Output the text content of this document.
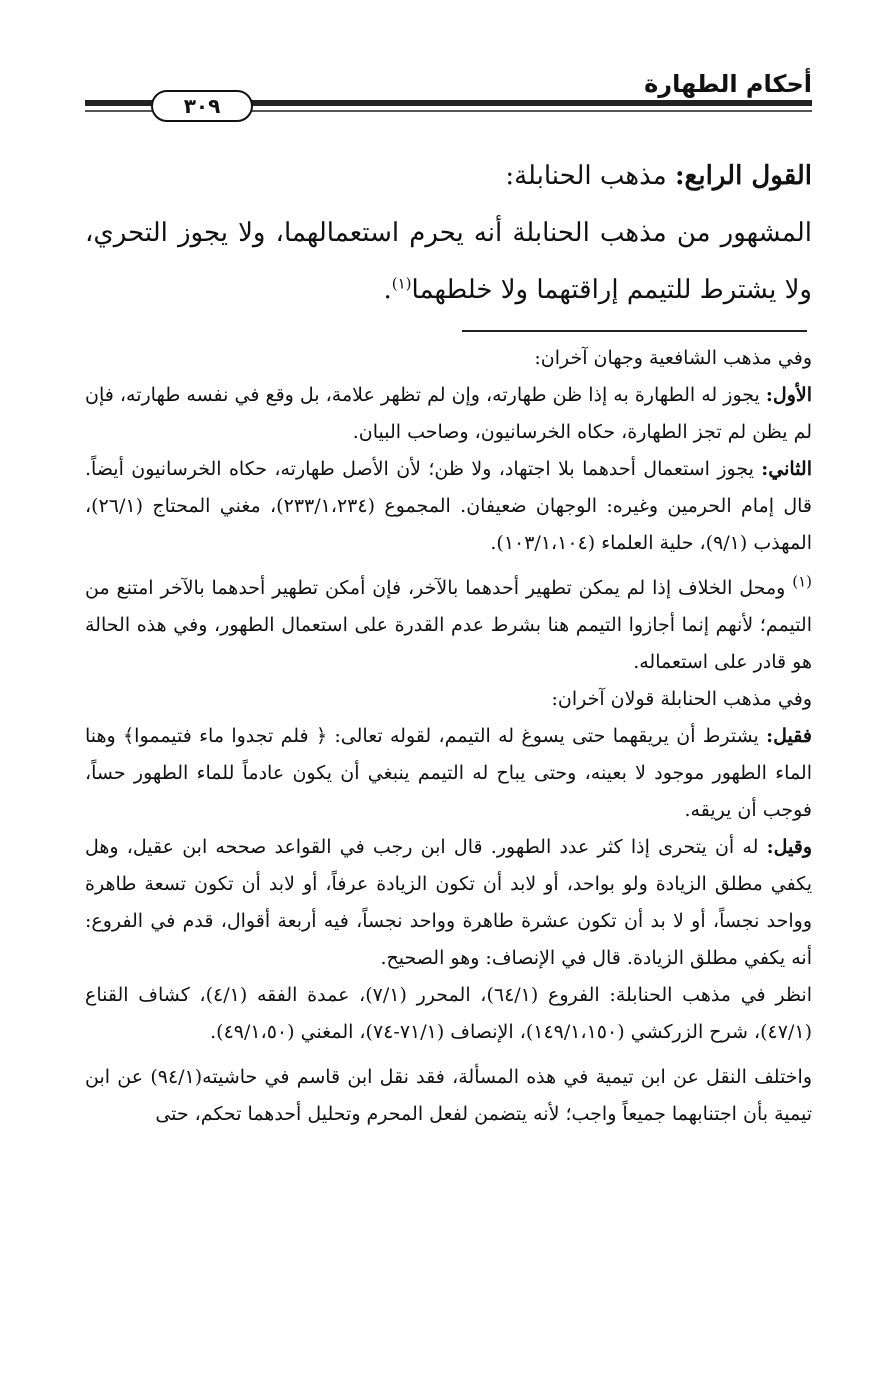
أحكام الطهارة
٣٠٩

القول الرابع: مذهب الحنابلة:

المشهور من مذهب الحنابلة أنه يحرم استعمالهما، ولا يجوز التحري، ولا يشترط للتيمم إراقتهما ولا خلطهما$^{(١)}$.

وفي مذهب الشافعية وجهان آخران:

الأول: يجوز له الطهارة به إذا ظن طهارته، وإن لم تظهر علامة، بل وقع في نفسه طهارته، فإن لم يظن لم تجز الطهارة، حكاه الخرسانيون، وصاحب البيان.

الثاني: يجوز استعمال أحدهما بلا اجتهاد، ولا ظن؛ لأن الأصل طهارته، حكاه الخرسانيون أيضاً. قال إمام الحرمين وغيره: الوجهان ضعيفان. المجموع (٢٣٣/١،٢٣٤)، مغني المحتاج (٢٦/١)، المهذب (٩/١)، حلية العلماء (١٠٣/١،١٠٤).

$^{(١)}$ ومحل الخلاف إذا لم يمكن تطهير أحدهما بالآخر، فإن أمكن تطهير أحدهما بالآخر امتنع من التيمم؛ لأنهم إنما أجازوا التيمم هنا بشرط عدم القدرة على استعمال الطهور، وفي هذه الحالة هو قادر على استعماله.

وفي مذهب الحنابلة قولان آخران:

فقيل: يشترط أن يريقهما حتى يسوغ له التيمم، لقوله تعالى: ﴿ فلم تجدوا ماء فتيمموا﴾ وهنا الماء الطهور موجود لا بعينه، وحتى يباح له التيمم ينبغي أن يكون عادماً للماء الطهور حساً، فوجب أن يريقه.

وقيل: له أن يتحرى إذا كثر عدد الطهور. قال ابن رجب في القواعد صححه ابن عقيل، وهل يكفي مطلق الزيادة ولو بواحد، أو لابد أن تكون الزيادة عرفاً، أو لابد أن تكون تسعة طاهرة وواحد نجساً، أو لا بد أن تكون عشرة طاهرة وواحد نجساً، فيه أربعة أقوال، قدم في الفروع: أنه يكفي مطلق الزيادة. قال في الإنصاف: وهو الصحيح.

انظر في مذهب الحنابلة: الفروع (٦٤/١)، المحرر (٧/١)، عمدة الفقه (٤/١)، كشاف القناع (٤٧/١)، شرح الزركشي (١٤٩/١،١٥٠)، الإنصاف (٧١/١-٧٤)، المغني (٤٩/١،٥٠).

واختلف النقل عن ابن تيمية في هذه المسألة، فقد نقل ابن قاسم في حاشيته(٩٤/١) عن ابن تيمية بأن اجتنابهما جميعاً واجب؛ لأنه يتضمن لفعل المحرم وتحليل أحدهما تحكم، حتى
